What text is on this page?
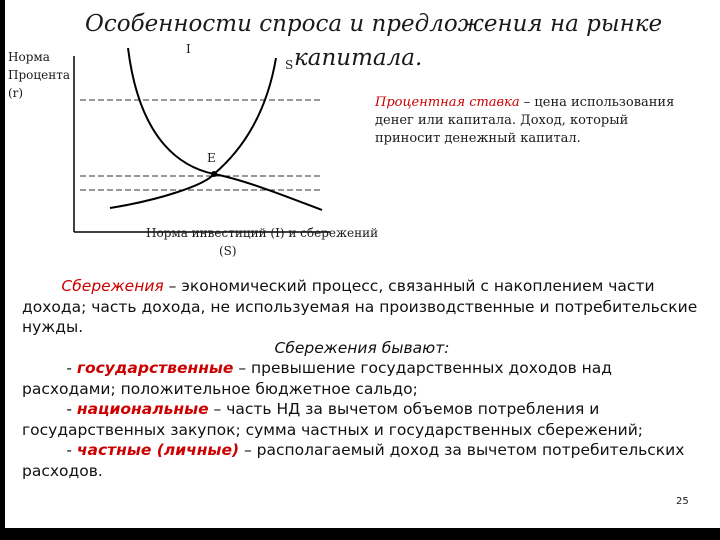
Особенности спроса и предложения на рынке
капитала.
Норма
Процента
(r)
I
S
E
Норма инвестиций (I) и сбережений
(S)
Процентная ставка – цена использования денег или капитала. Доход, который приносит денежный капитал.

Сбережения – экономический процесс, связанный с накоплением части дохода; часть дохода, не используемая на производственные и потребительские нужды.

Сбережения бывают:

- государственные – превышение государственных доходов над расходами; положительное бюджетное сальдо;

- национальные – часть НД за вычетом объемов потребления и государственных закупок; сумма частных и государственных сбережений;

- частные (личные) – располагаемый доход за вычетом потребительских расходов.

25
